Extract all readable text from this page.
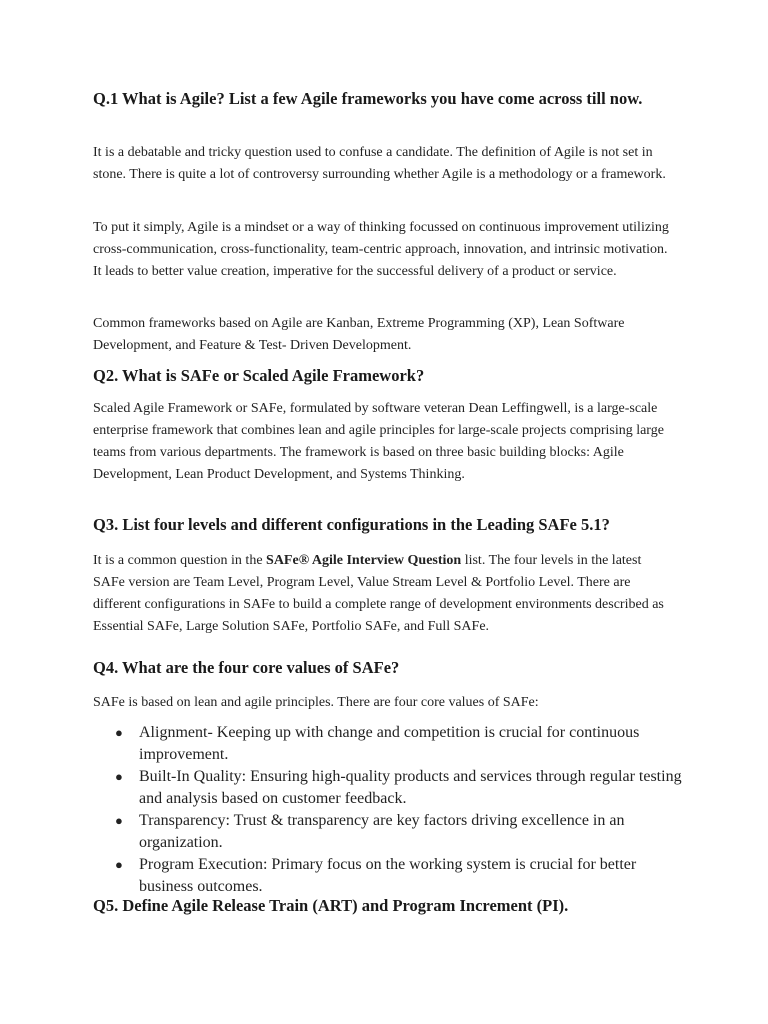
Q.1 What is Agile? List a few Agile frameworks you have come across till now.
It is a debatable and tricky question used to confuse a candidate. The definition of Agile is not set in stone. There is quite a lot of controversy surrounding whether Agile is a methodology or a framework.
To put it simply, Agile is a mindset or a way of thinking focussed on continuous improvement utilizing cross-communication, cross-functionality, team-centric approach, innovation, and intrinsic motivation. It leads to better value creation, imperative for the successful delivery of a product or service.
Common frameworks based on Agile are Kanban, Extreme Programming (XP), Lean Software Development, and Feature & Test- Driven Development.
Q2. What is SAFe or Scaled Agile Framework?
Scaled Agile Framework or SAFe, formulated by software veteran Dean Leffingwell, is a large-scale enterprise framework that combines lean and agile principles for large-scale projects comprising large teams from various departments. The framework is based on three basic building blocks: Agile Development, Lean Product Development, and Systems Thinking.
Q3. List four levels and different configurations in the Leading SAFe 5.1?
It is a common question in the SAFe® Agile Interview Question list. The four levels in the latest SAFe version are Team Level, Program Level, Value Stream Level & Portfolio Level. There are different configurations in SAFe to build a complete range of development environments described as Essential SAFe, Large Solution SAFe, Portfolio SAFe, and Full SAFe.
Q4. What are the four core values of SAFe?
SAFe is based on lean and agile principles. There are four core values of SAFe:
● Alignment- Keeping up with change and competition is crucial for continuous improvement.
● Built-In Quality: Ensuring high-quality products and services through regular testing and analysis based on customer feedback.
● Transparency: Trust & transparency are key factors driving excellence in an organization.
● Program Execution: Primary focus on the working system is crucial for better business outcomes.
Q5. Define Agile Release Train (ART) and Program Increment (PI).
